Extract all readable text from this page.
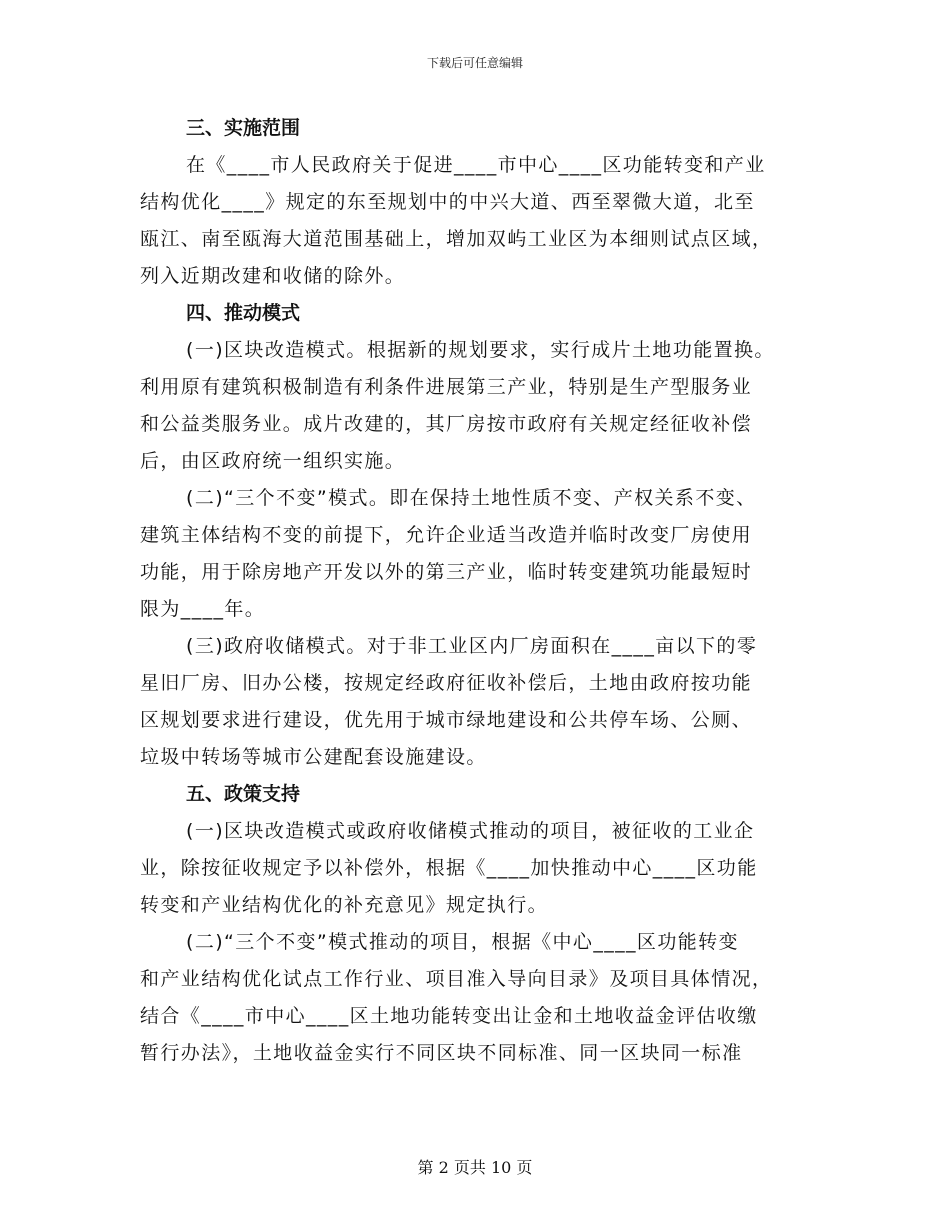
下载后可任意编辑
三、实施范围
在《____市人民政府关于促进____市中心____区功能转变和产业
结构优化____》规定的东至规划中的中兴大道、西至翠微大道，北至
瓯江、南至瓯海大道范围基础上，增加双屿工业区为本细则试点区域，
列入近期改建和收储的除外。
四、推动模式
(一)区块改造模式。根据新的规划要求，实行成片土地功能置换。
利用原有建筑积极制造有利条件进展第三产业，特别是生产型服务业
和公益类服务业。成片改建的，其厂房按市政府有关规定经征收补偿
后，由区政府统一组织实施。
(二)“三个不变”模式。即在保持土地性质不变、产权关系不变、
建筑主体结构不变的前提下，允许企业适当改造并临时改变厂房使用
功能，用于除房地产开发以外的第三产业，临时转变建筑功能最短时
限为____年。
(三)政府收储模式。对于非工业区内厂房面积在____亩以下的零
星旧厂房、旧办公楼，按规定经政府征收补偿后，土地由政府按功能
区规划要求进行建设，优先用于城市绿地建设和公共停车场、公厕、
垃圾中转场等城市公建配套设施建设。
五、政策支持
(一)区块改造模式或政府收储模式推动的项目，被征收的工业企
业，除按征收规定予以补偿外，根据《____加快推动中心____区功能
转变和产业结构优化的补充意见》规定执行。
(二)“三个不变”模式推动的项目，根据《中心____区功能转变
和产业结构优化试点工作行业、项目准入导向目录》及项目具体情况，
结合《____市中心____区土地功能转变出让金和土地收益金评估收缴
暂行办法》，土地收益金实行不同区块不同标准、同一区块同一标准
第 2 页共 10 页
